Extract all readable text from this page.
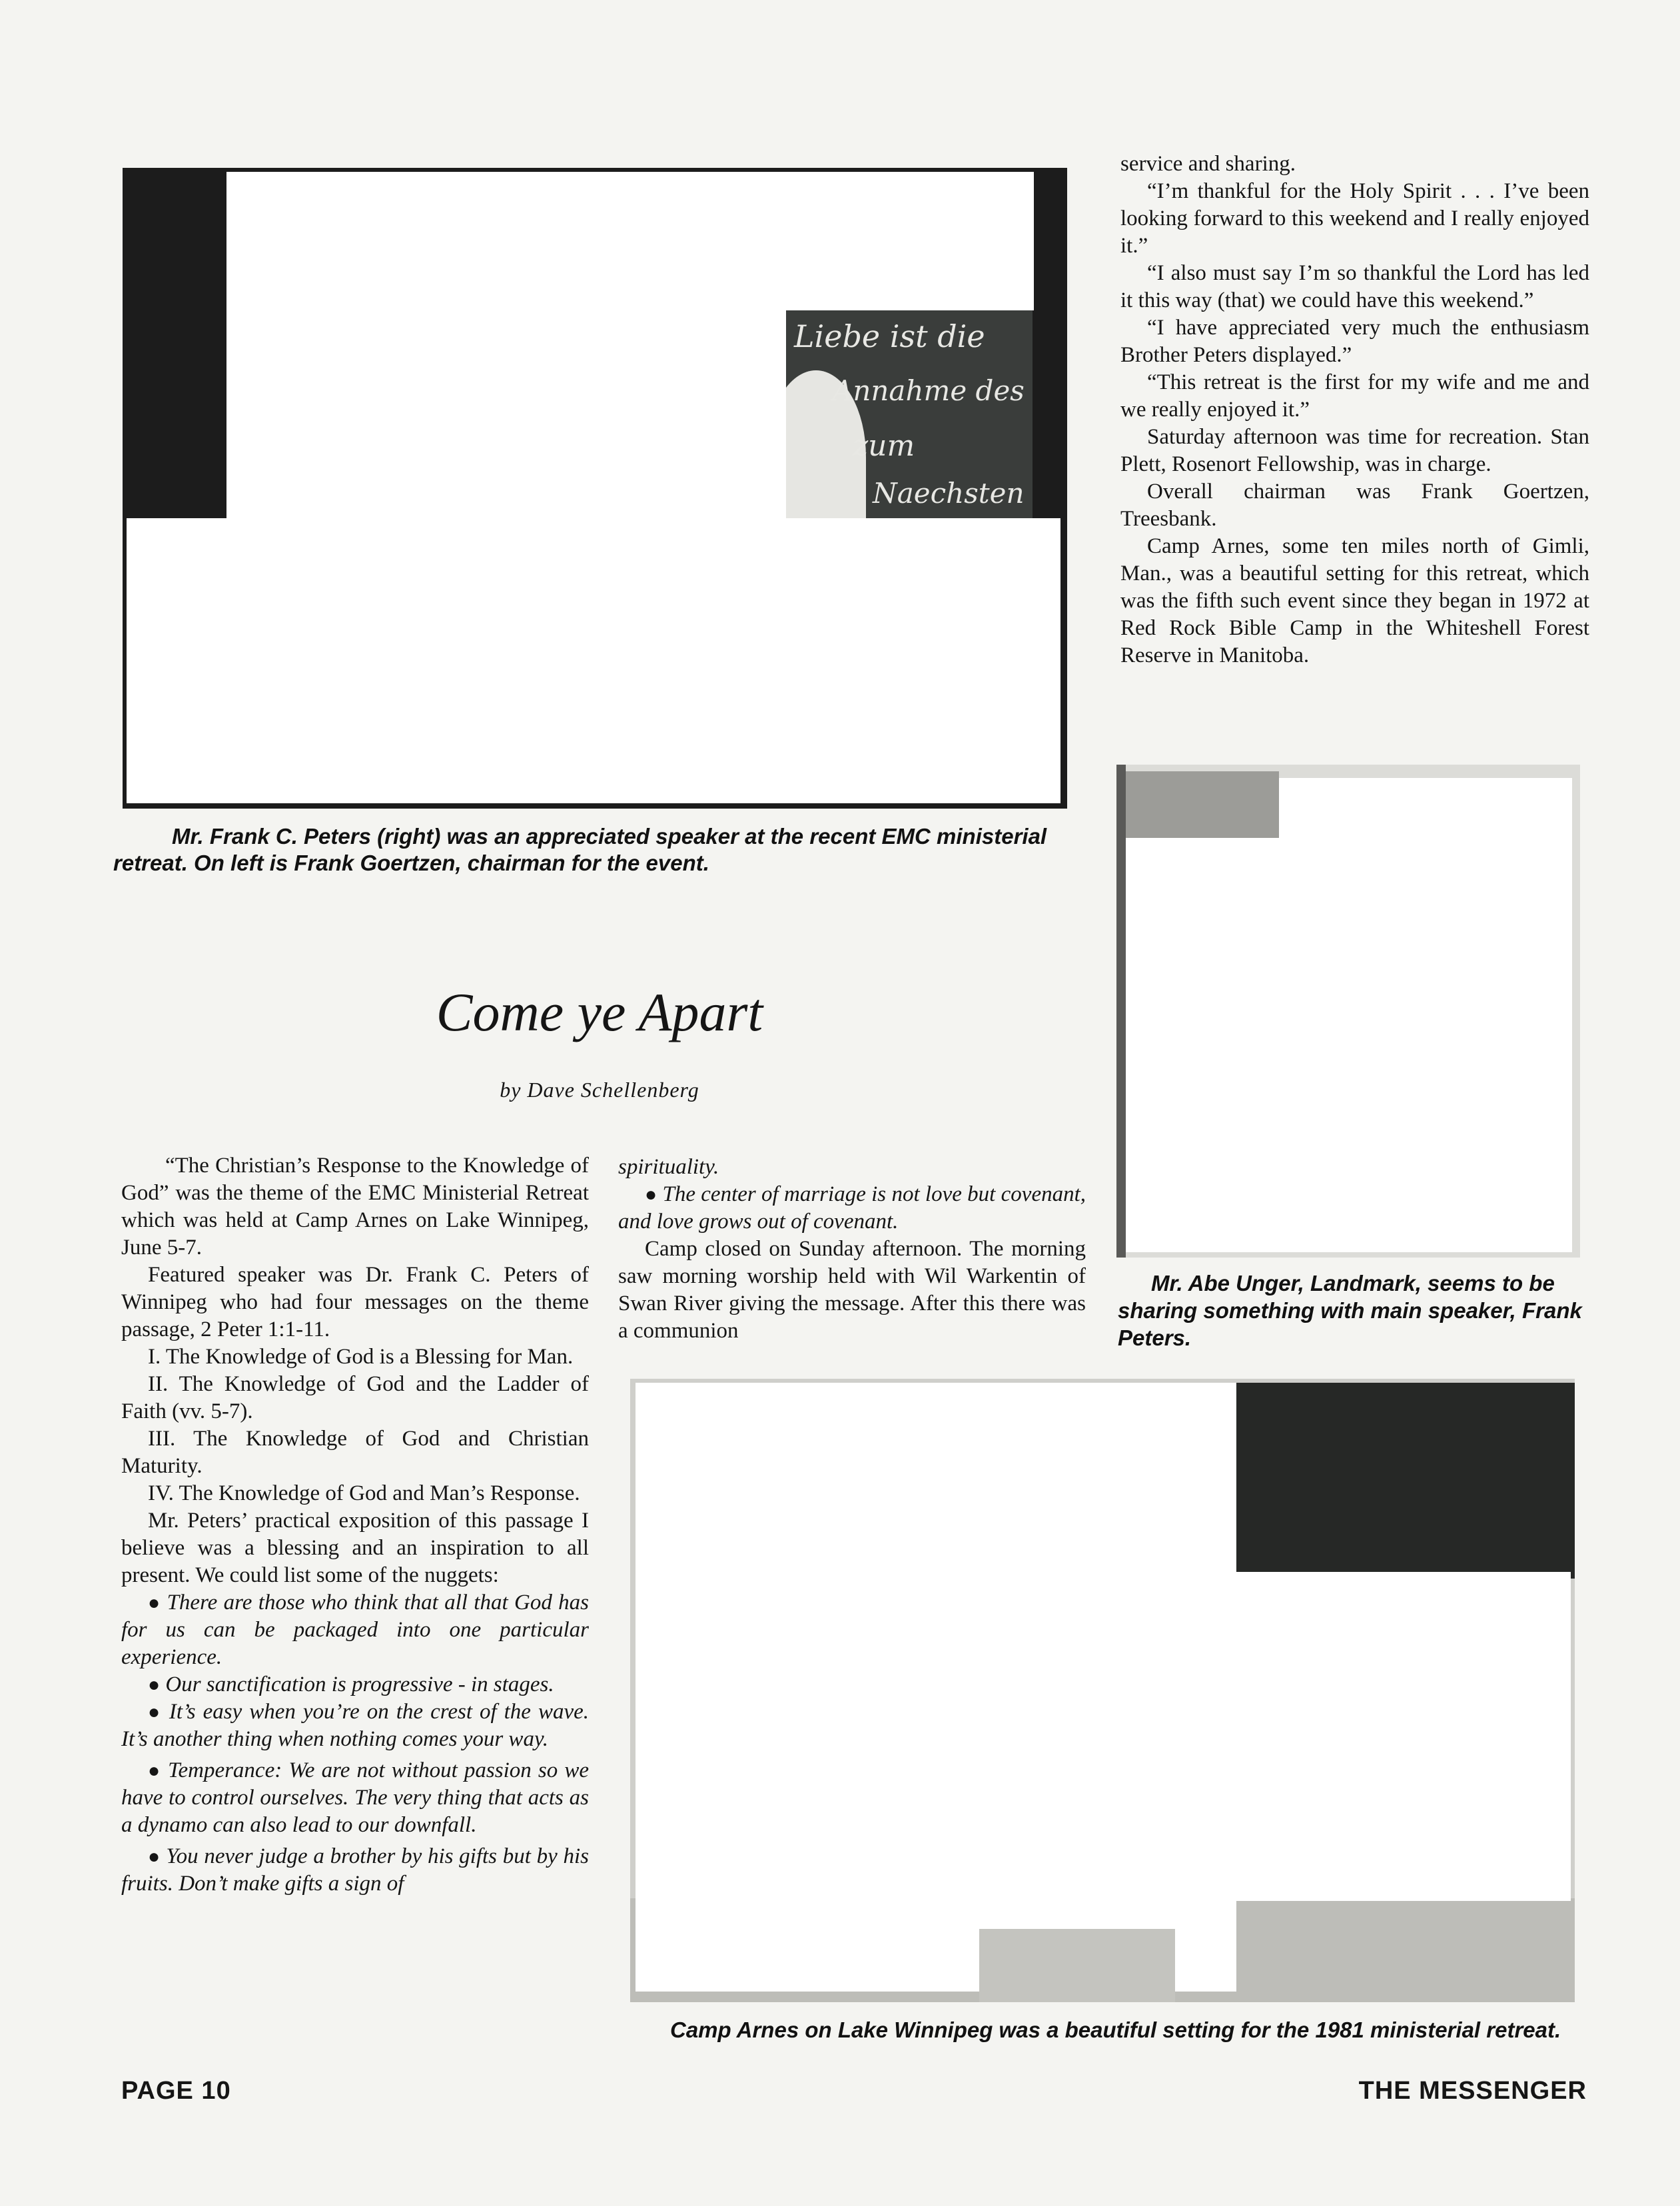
Liebe ist die
Annahme des
zum
Naechsten
Mr. Frank C. Peters (right) was an appreciated speaker at the recent EMC ministerial retreat. On left is Frank Goertzen, chairman for the event.
Mr. Abe Unger, Landmark, seems to be sharing something with main speaker, Frank Peters.
Camp Arnes on Lake Winnipeg was a beautiful setting for the 1981 ministerial retreat.
Come ye Apart
by Dave Schellenberg

“The Christian’s Response to the Knowledge of God” was the theme of the EMC Ministerial Retreat which was held at Camp Arnes on Lake Winnipeg, June 5-7.

Featured speaker was Dr. Frank C. Peters of Winnipeg who had four messages on the theme passage, 2 Peter 1:1-11.

I. The Knowledge of God is a Blessing for Man.

II. The Knowledge of God and the Ladder of Faith (vv. 5-7).

III. The Knowledge of God and Christian Maturity.

IV. The Knowledge of God and Man’s Response.

Mr. Peters’ practical exposition of this passage I believe was a blessing and an inspiration to all present. We could list some of the nuggets:

● There are those who think that all that God has for us can be packaged into one particular experience.

● Our sanctification is progressive - in stages.

● It’s easy when you’re on the crest of the wave. It’s another thing when nothing comes your way.

● Temperance: We are not without passion so we have to control ourselves. The very thing that acts as a dynamo can also lead to our downfall.

● You never judge a brother by his gifts but by his fruits. Don’t make gifts a sign of

spirituality.

● The center of marriage is not love but covenant, and love grows out of covenant.

Camp closed on Sunday afternoon. The morning saw morning worship held with Wil Warkentin of Swan River giving the message. After this there was a communion

service and sharing.

“I’m thankful for the Holy Spirit . . . I’ve been looking forward to this weekend and I really enjoyed it.”

“I also must say I’m so thankful the Lord has led it this way (that) we could have this weekend.”

“I have appreciated very much the enthusiasm Brother Peters displayed.”

“This retreat is the first for my wife and me and we really enjoyed it.”

Saturday afternoon was time for recreation. Stan Plett, Rosenort Fellowship, was in charge.

Overall chairman was Frank Goertzen, Treesbank.

Camp Arnes, some ten miles north of Gimli, Man., was a beautiful setting for this retreat, which was the fifth such event since they began in 1972 at Red Rock Bible Camp in the Whiteshell Forest Reserve in Manitoba.

PAGE 10	THE MESSENGER
